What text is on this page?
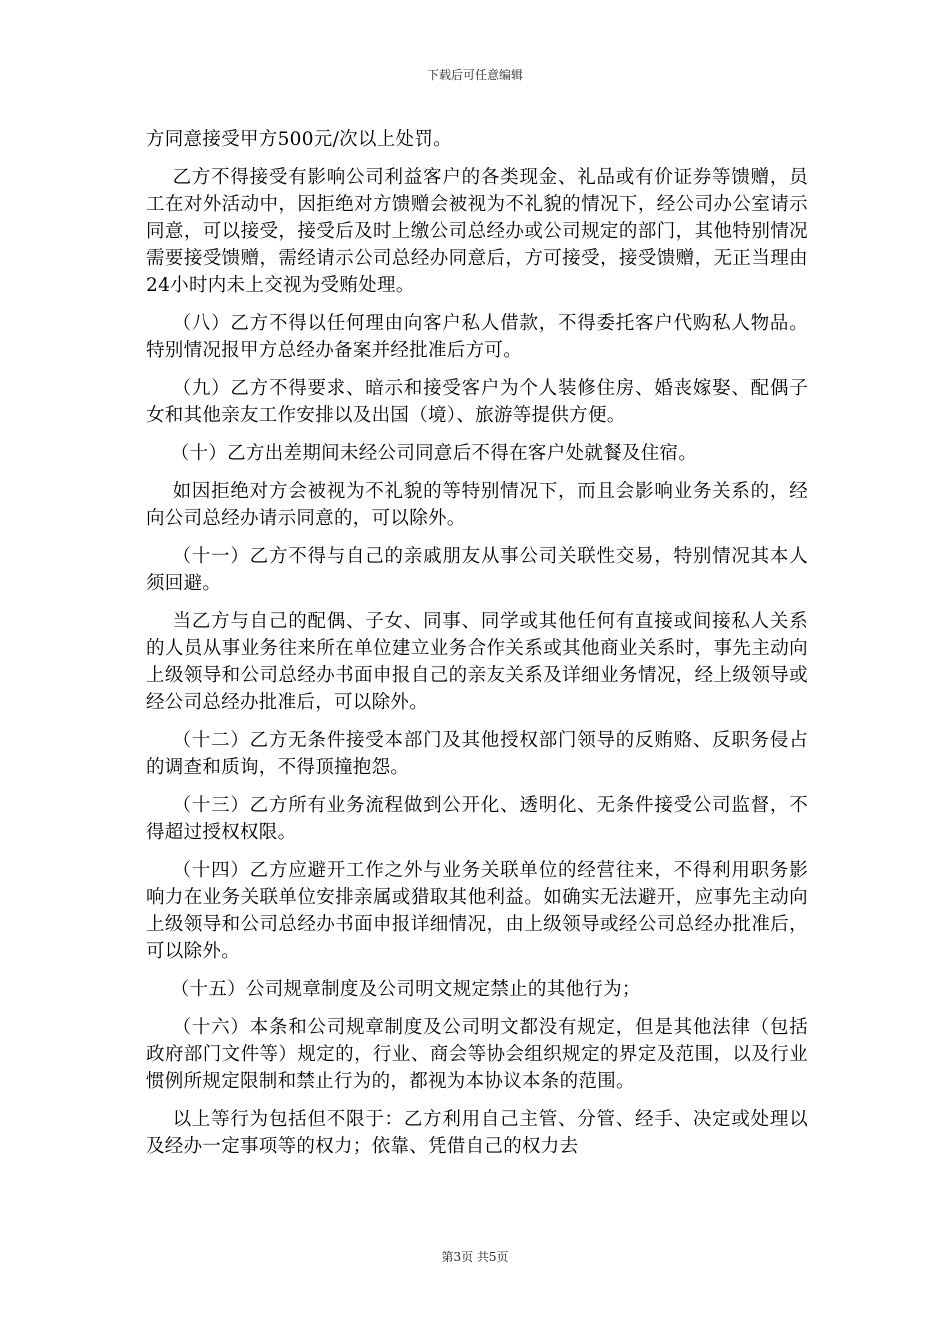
下载后可任意编辑

方同意接受甲方500元/次以上处罚。

乙方不得接受有影响公司利益客户的各类现金、礼品或有价证券等馈赠，员工在对外活动中，因拒绝对方馈赠会被视为不礼貌的情况下，经公司办公室请示同意，可以接受，接受后及时上缴公司总经办或公司规定的部门，其他特别情况需要接受馈赠，需经请示公司总经办同意后，方可接受，接受馈赠，无正当理由24小时内未上交视为受贿处理。

（八）乙方不得以任何理由向客户私人借款，不得委托客户代购私人物品。特别情况报甲方总经办备案并经批准后方可。

（九）乙方不得要求、暗示和接受客户为个人装修住房、婚丧嫁娶、配偶子女和其他亲友工作安排以及出国（境）、旅游等提供方便。

（十）乙方出差期间未经公司同意后不得在客户处就餐及住宿。

如因拒绝对方会被视为不礼貌的等特别情况下，而且会影响业务关系的，经向公司总经办请示同意的，可以除外。

（十一）乙方不得与自己的亲戚朋友从事公司关联性交易，特别情况其本人须回避。

当乙方与自己的配偶、子女、同事、同学或其他任何有直接或间接私人关系的人员从事业务往来所在单位建立业务合作关系或其他商业关系时，事先主动向上级领导和公司总经办书面申报自己的亲友关系及详细业务情况，经上级领导或经公司总经办批准后，可以除外。

（十二）乙方无条件接受本部门及其他授权部门领导的反贿赂、反职务侵占的调查和质询，不得顶撞抱怨。

（十三）乙方所有业务流程做到公开化、透明化、无条件接受公司监督，不得超过授权权限。

（十四）乙方应避开工作之外与业务关联单位的经营往来，不得利用职务影响力在业务关联单位安排亲属或猎取其他利益。如确实无法避开，应事先主动向上级领导和公司总经办书面申报详细情况，由上级领导或经公司总经办批准后，可以除外。

（十五）公司规章制度及公司明文规定禁止的其他行为；

（十六）本条和公司规章制度及公司明文都没有规定，但是其他法律（包括政府部门文件等）规定的，行业、商会等协会组织规定的界定及范围，以及行业惯例所规定限制和禁止行为的，都视为本协议本条的范围。

以上等行为包括但不限于：乙方利用自己主管、分管、经手、决定或处理以及经办一定事项等的权力；依靠、凭借自己的权力去

第3页 共5页
